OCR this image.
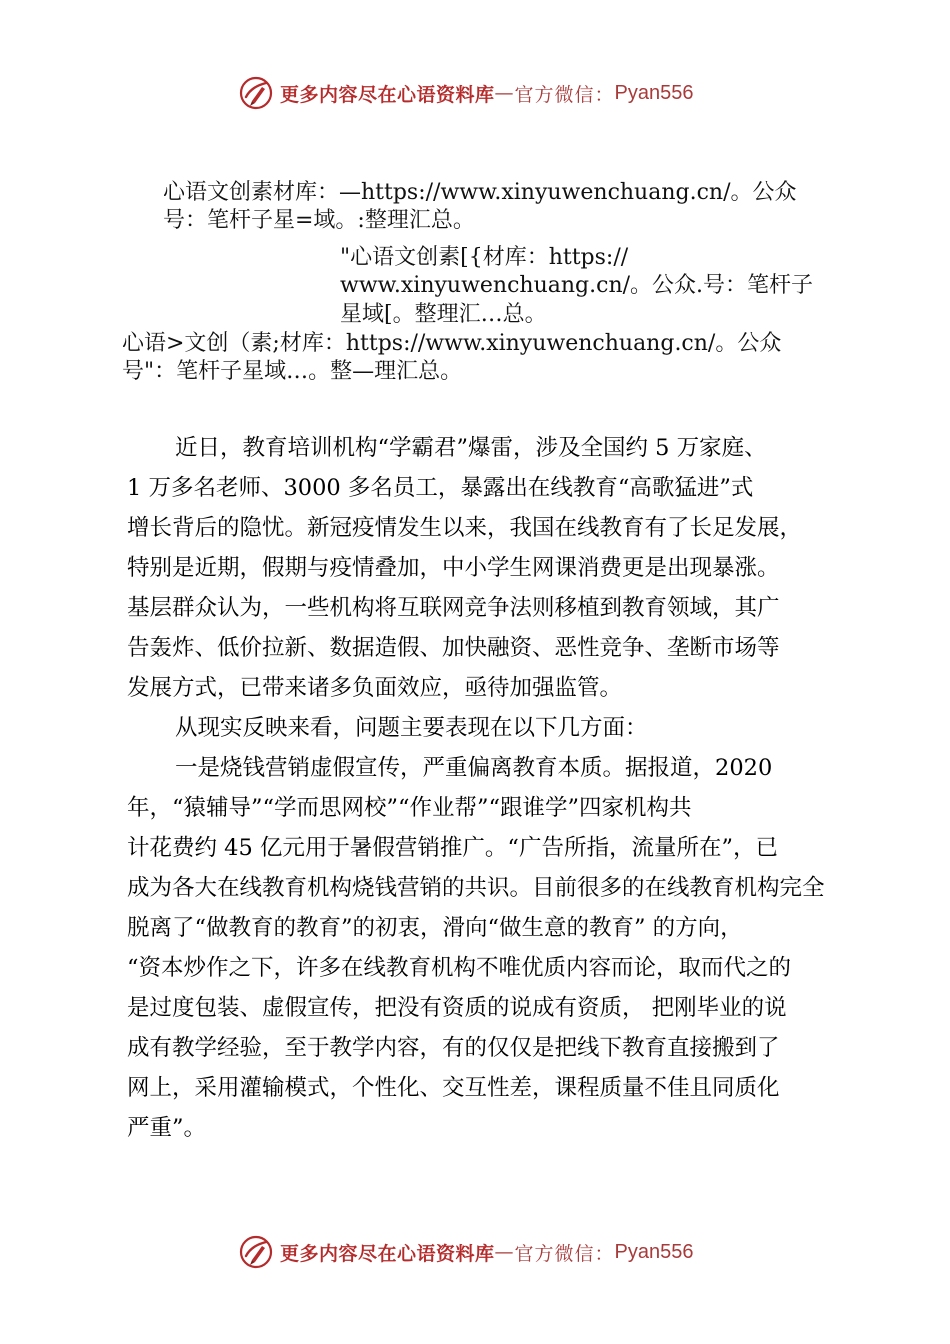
更多内容尽在心语资料库 — 官方微信： Pyan556
心语文创素材库：—https://www.xinyuwenchuang.cn/。公众
号：笔杆子星=域。:整理汇总。
"心语文创素[{材库：https://
www.xinyuwenchuang.cn/。公众.号：笔杆子
星域[。整理汇…总。
心语>文创（素;材库：https://www.xinyuwenchuang.cn/。公众
号"：笔杆子星域…。整—理汇总。
近日，教育培训机构“学霸君”爆雷，涉及全国约 5 万家庭、
1 万多名老师、3000 多名员工，暴露出在线教育“高歌猛进”式
增长背后的隐忧。新冠疫情发生以来，我国在线教育有了长足发展，
特别是近期，假期与疫情叠加，中小学生网课消费更是出现暴涨。
基层群众认为，一些机构将互联网竞争法则移植到教育领域，其广
告轰炸、低价拉新、数据造假、加快融资、恶性竞争、垄断市场等
发展方式，已带来诸多负面效应，亟待加强监管。
从现实反映来看，问题主要表现在以下几方面：
一是烧钱营销虚假宣传，严重偏离教育本质。据报道，2020
年，“猿辅导”“学而思网校”“作业帮”“跟谁学”四家机构共
计花费约 45 亿元用于暑假营销推广。“广告所指，流量所在”，已
成为各大在线教育机构烧钱营销的共识。目前很多的在线教育机构完全
脱离了“做教育的教育”的初衷，滑向“做生意的教育” 的方向，
“资本炒作之下，许多在线教育机构不唯优质内容而论，取而代之的
是过度包装、虚假宣传，把没有资质的说成有资质， 把刚毕业的说
成有教学经验，至于教学内容，有的仅仅是把线下教育直接搬到了
网上，采用灌输模式，个性化、交互性差，课程质量不佳且同质化
严重”。
更多内容尽在心语资料库 — 官方微信： Pyan556
